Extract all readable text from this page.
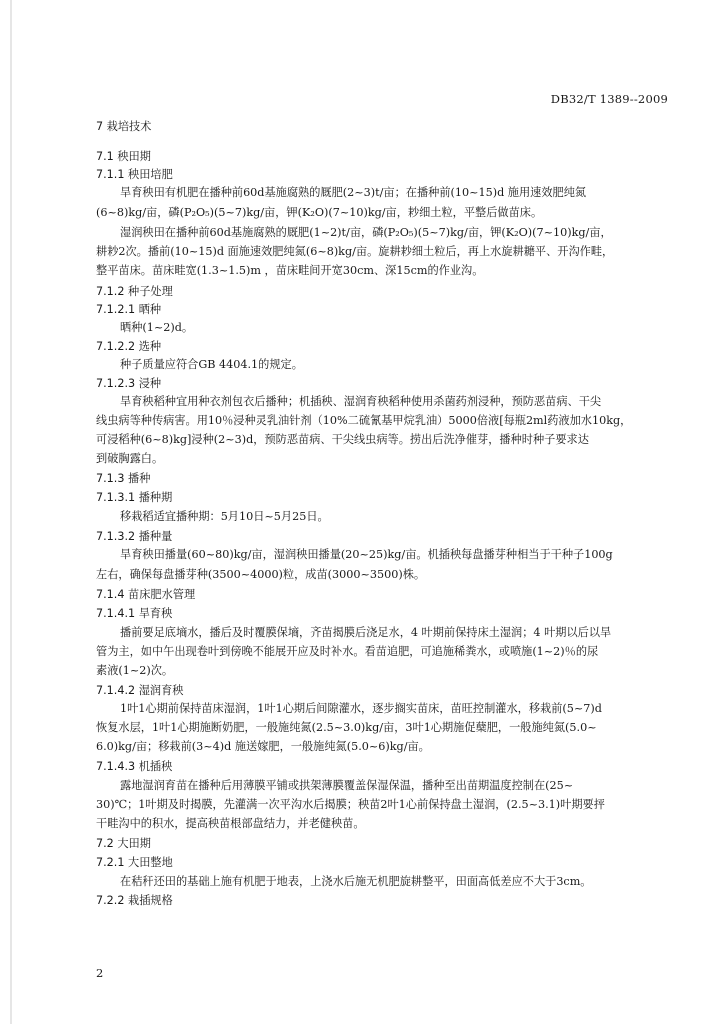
DB32/T 1389--2009
7 栽培技术
7.1 秧田期
7.1.1 秧田培肥
旱育秧田有机肥在播种前60d基施腐熟的厩肥(2~3)t/亩；在播种前(10~15)d 施用速效肥纯氮
(6~8)kg/亩，磷(P₂O₅)(5~7)kg/亩，钾(K₂O)(7~10)kg/亩，耖细土粒，平整后做苗床。
湿润秧田在播种前60d基施腐熟的厩肥(1~2)t/亩，磷(P₂O₅)(5~7)kg/亩，钾(K₂O)(7~10)kg/亩，
耕耖2次。播前(10~15)d 面施速效肥纯氮(6~8)kg/亩。旋耕耖细土粒后，再上水旋耕耱平、开沟作畦，
整平苗床。苗床畦宽(1.3~1.5)m ，苗床畦间开宽30cm、深15cm的作业沟。
7.1.2 种子处理
7.1.2.1 晒种
晒种(1~2)d。
7.1.2.2 选种
种子质量应符合GB 4404.1的规定。
7.1.2.3 浸种
旱育秧稻种宜用种衣剂包衣后播种；机插秧、湿润育秧稻种使用杀菌药剂浸种，预防恶苗病、干尖
线虫病等种传病害。用10％浸种灵乳油针剂（10%二硫氰基甲烷乳油）5000倍液[每瓶2ml药液加水10kg，
可浸稻种(6~8)kg]浸种(2~3)d，预防恶苗病、干尖线虫病等。捞出后洗净催芽，播种时种子要求达
到破胸露白。
7.1.3 播种
7.1.3.1 播种期
移栽稻适宜播种期：5月10日~5月25日。
7.1.3.2 播种量
旱育秧田播量(60~80)kg/亩，湿润秧田播量(20~25)kg/亩。机插秧每盘播芽种相当于干种子100g
左右，确保每盘播芽种(3500~4000)粒，成苗(3000~3500)株。
7.1.4 苗床肥水管理
7.1.4.1 旱育秧
播前要足底墒水，播后及时覆膜保墒，齐苗揭膜后浇足水，4 叶期前保持床土湿润；4 叶期以后以旱
管为主，如中午出现卷叶到傍晚不能展开应及时补水。看苗追肥，可追施稀粪水，或喷施(1~2)％的尿
素液(1~2)次。
7.1.4.2 湿润育秧
1叶1心期前保持苗床湿润，1叶1心期后间隙灌水，逐步搁实苗床，苗旺控制灌水，移栽前(5~7)d
恢复水层，1叶1心期施断奶肥，一般施纯氮(2.5~3.0)kg/亩，3叶1心期施促蘖肥，一般施纯氮(5.0~
6.0)kg/亩；移栽前(3~4)d 施送嫁肥，一般施纯氮(5.0~6)kg/亩。
7.1.4.3 机插秧
露地湿润育苗在播种后用薄膜平铺或拱架薄膜覆盖保湿保温，播种至出苗期温度控制在(25~
30)℃；1叶期及时揭膜，先灌满一次平沟水后揭膜；秧苗2叶1心前保持盘土湿润，(2.5~3.1)叶期要抨
干畦沟中的积水，提高秧苗根部盘结力，并老健秧苗。
7.2 大田期
7.2.1 大田整地
在秸秆还田的基础上施有机肥于地表，上浇水后施无机肥旋耕整平，田面高低差应不大于3cm。
7.2.2 栽插规格
2
